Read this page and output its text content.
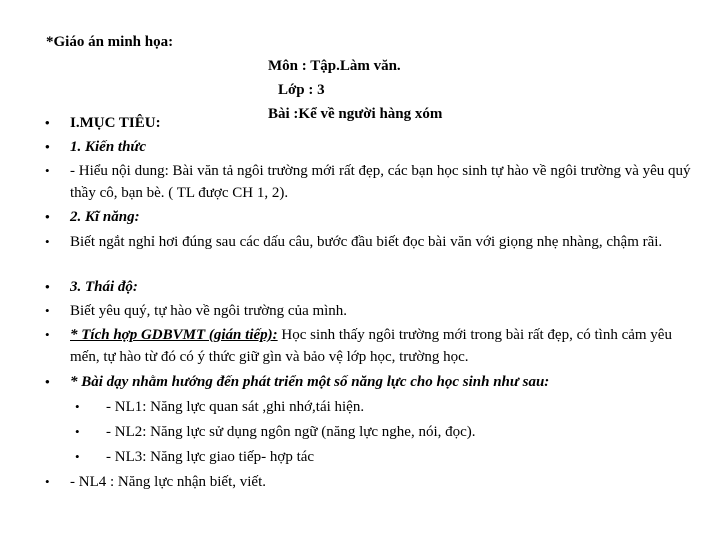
*Giáo án minh họa:
Môn : Tập.Làm văn.
Lớp : 3
Bài :Kể về người hàng xóm
• I.MỤC TIÊU:
• 1. Kiến thức
• - Hiểu nội dung: Bài văn tả ngôi trường mới rất đẹp, các bạn học sinh tự hào về ngôi trường và yêu quý thầy cô, bạn bè. ( TL được CH 1, 2).
• 2. Kĩ năng:
• Biết ngắt nghỉ hơi đúng sau các dấu câu, bước đầu biết đọc bài văn với giọng nhẹ nhàng, chậm rãi.
• 3. Thái độ:
• Biết yêu quý, tự hào về ngôi trường của mình.
• * Tích hợp GDBVMT (gián tiếp): Học sinh thấy ngôi trường mới trong bài rất đẹp, có tình cảm yêu mến, tự hào từ đó có ý thức giữ gìn và bảo vệ lớp học, trường học.
• * Bài dạy nhằm hướng đến phát triển một số năng lực cho học sinh như sau:
• - NL1: Năng lực quan sát ,ghi nhớ,tái hiện.
• - NL2: Năng lực sử dụng ngôn ngữ (năng lực nghe, nói, đọc).
• - NL3: Năng lực giao tiếp- hợp tác
• - NL4 : Năng lực nhận biết, viết.
